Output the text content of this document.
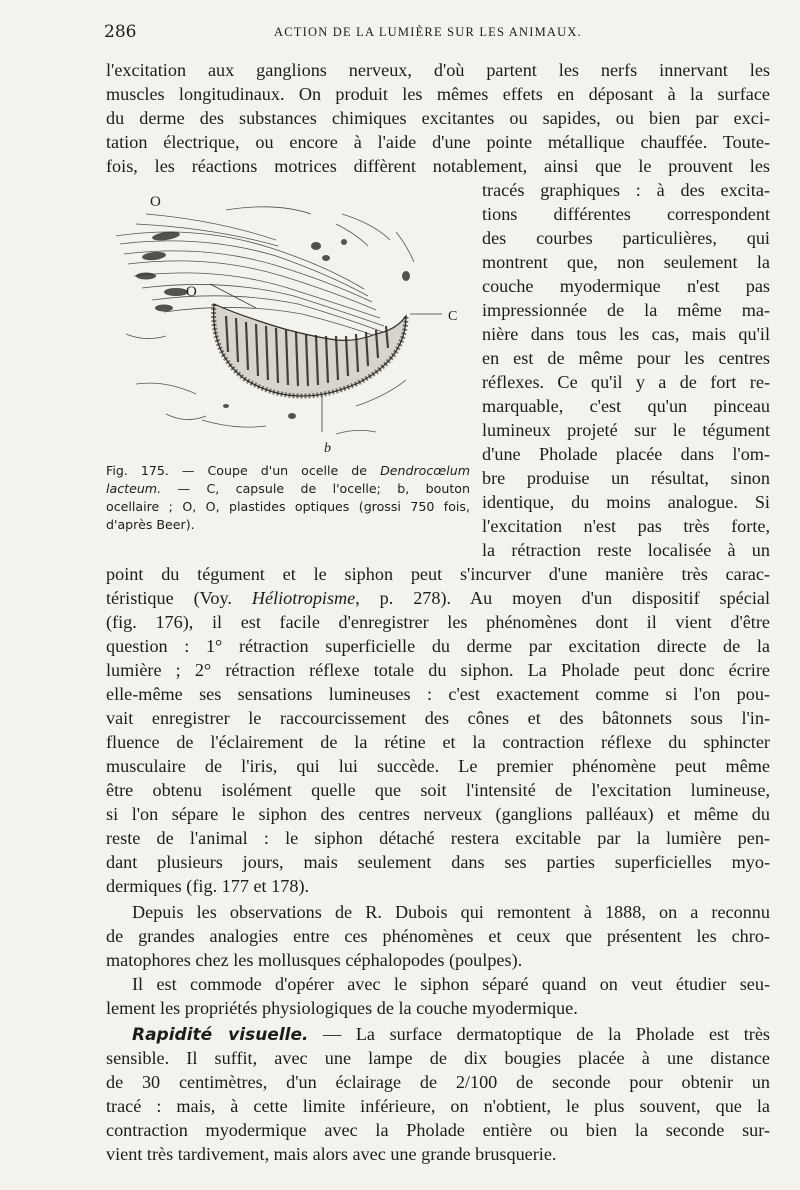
286	ACTION DE LA LUMIÈRE SUR LES ANIMAUX.
l'excitation aux ganglions nerveux, d'où partent les nerfs innervant les
muscles longitudinaux. On produit les mêmes effets en déposant à la surface
du derme des substances chimiques excitantes ou sapides, ou bien par exci-
tation électrique, ou encore à l'aide d'une pointe métallique chauffée. Toute-
fois, les réactions motrices diffèrent notablement, ainsi que le prouvent les
tracés graphiques : à des excita-
tions différentes correspondent
des courbes particulières, qui
montrent que, non seulement la
couche myodermique n'est pas
impressionnée de la même ma-
nière dans tous les cas, mais qu'il
en est de même pour les centres
réflexes. Ce qu'il y a de fort re-
marquable, c'est qu'un pinceau
lumineux projeté sur le tégument
d'une Pholade placée dans l'om-
bre produise un résultat, sinon
identique, du moins analogue. Si
l'excitation n'est pas très forte,
la rétraction reste localisée à un
O
O
C
b
Fig. 175. — Coupe d'un ocelle de Dendrocœlum
lacteum. — C, capsule de l'ocelle; b, bouton
ocellaire ; O, O, plastides optiques (grossi 750 fois,
d'après Beer).
point du tégument et le siphon peut s'incurver d'une manière très carac-
téristique (Voy. Héliotropisme, p. 278). Au moyen d'un dispositif spécial
(fig. 176), il est facile d'enregistrer les phénomènes dont il vient d'être
question : 1° rétraction superficielle du derme par excitation directe de la
lumière ; 2° rétraction réflexe totale du siphon. La Pholade peut donc écrire
elle-même ses sensations lumineuses : c'est exactement comme si l'on pou-
vait enregistrer le raccourcissement des cônes et des bâtonnets sous l'in-
fluence de l'éclairement de la rétine et la contraction réflexe du sphincter
musculaire de l'iris, qui lui succède. Le premier phénomène peut même
être obtenu isolément quelle que soit l'intensité de l'excitation lumineuse,
si l'on sépare le siphon des centres nerveux (ganglions palléaux) et même du
reste de l'animal : le siphon détaché restera excitable par la lumière pen-
dant plusieurs jours, mais seulement dans ses parties superficielles myo-
dermiques (fig. 177 et 178).
Depuis les observations de R. Dubois qui remontent à 1888, on a reconnu
de grandes analogies entre ces phénomènes et ceux que présentent les chro-
matophores chez les mollusques céphalopodes (poulpes).
Il est commode d'opérer avec le siphon séparé quand on veut étudier seu-
lement les propriétés physiologiques de la couche myodermique.
Rapidité visuelle. — La surface dermatoptique de la Pholade est très
sensible. Il suffit, avec une lampe de dix bougies placée à une distance
de 30 centimètres, d'un éclairage de 2/100 de seconde pour obtenir un
tracé : mais, à cette limite inférieure, on n'obtient, le plus souvent, que la
contraction myodermique avec la Pholade entière ou bien la seconde sur-
vient très tardivement, mais alors avec une grande brusquerie.
